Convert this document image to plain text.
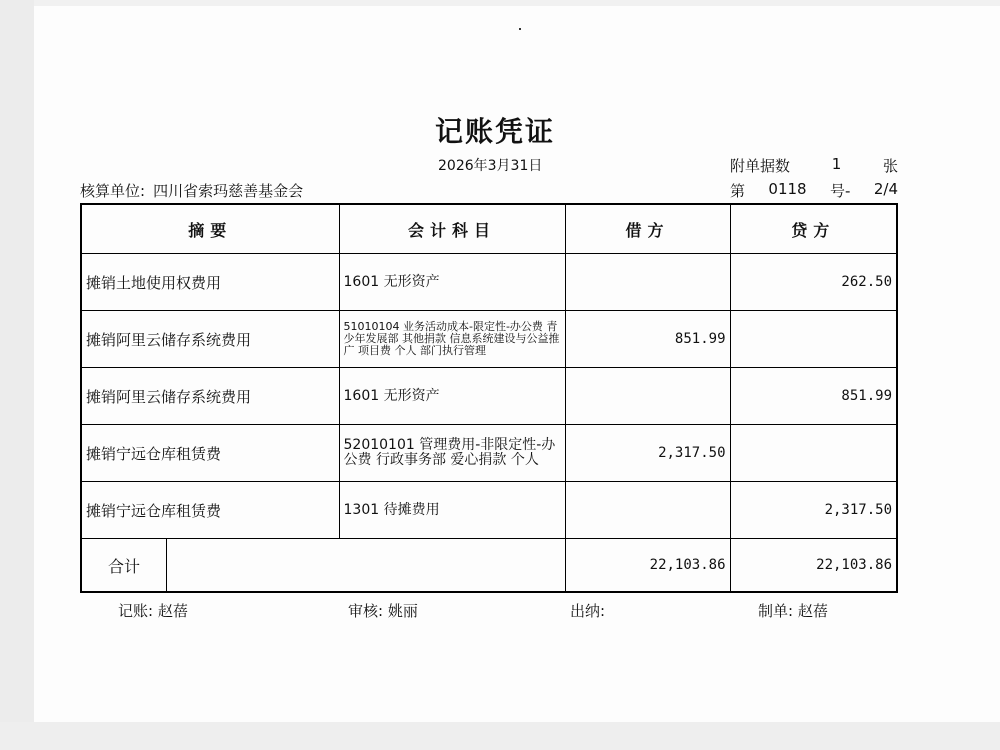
记账凭证
2026年3月31日
核算单位: 四川省索玛慈善基金会
附单据数	1	张
第 0118 号- 2/4
摘要	会计科目	借方	贷方
摊销土地使用权费用	1601 无形资产		262.50
摊销阿里云储存系统费用	51010104 业务活动成本-限定性-办公费 青少年发展部 其他捐款 信息系统建设与公益推广 项目费 个人 部门执行管理	851.99	
摊销阿里云储存系统费用	1601 无形资产		851.99
摊销宁远仓库租赁费	52010101 管理费用-非限定性-办公费 行政事务部 爱心捐款 个人	2,317.50	
摊销宁远仓库租赁费	1301 待摊费用		2,317.50

合计		22,103.86	22,103.86
记账: 赵蓓	审核: 姚丽	出纳:	制单: 赵蓓
